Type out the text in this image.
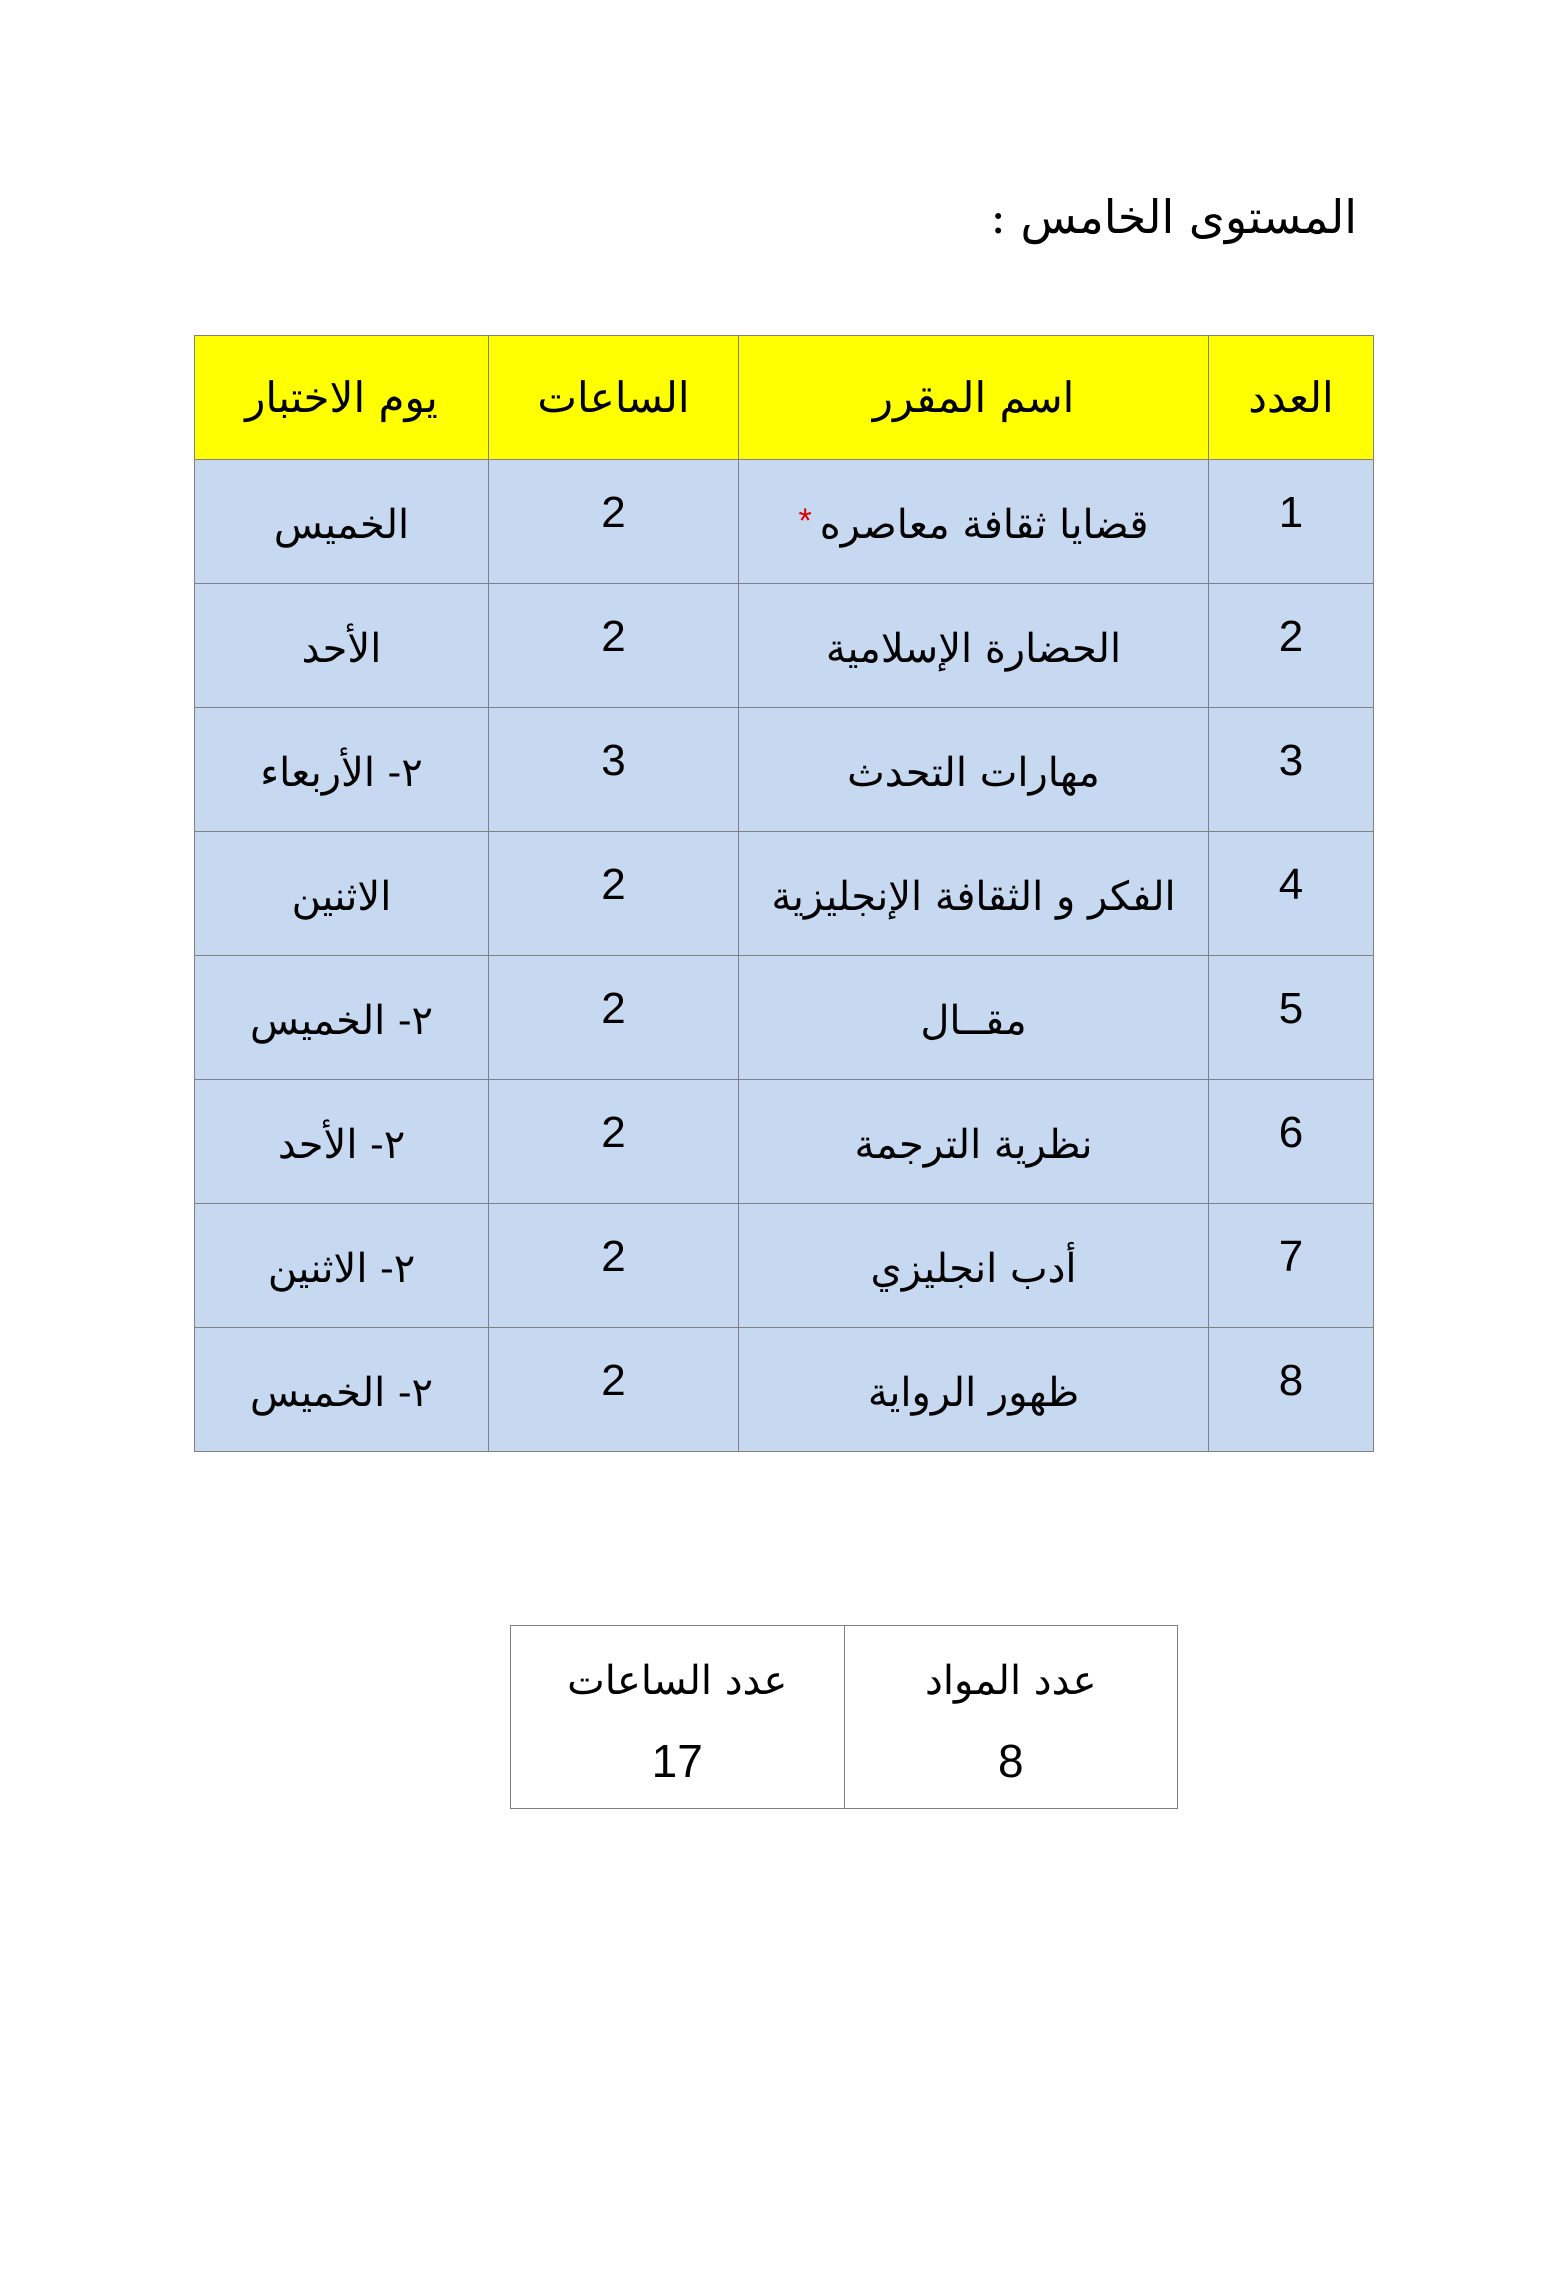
المستوى الخامس :
العدد	اسم المقرر	الساعات	يوم الاختبار

1	قضايا ثقافة معاصره*	2	الخميس

2	الحضارة الإسلامية	2	الأحد

3	مهارات التحدث	3	٢- الأربعاء

4	الفكر و الثقافة الإنجليزية	2	الاثنين

5	مقــال	2	٢- الخميس

6	نظرية الترجمة	2	٢- الأحد

7	أدب انجليزي	2	٢- الاثنين

8	ظهور الرواية	2	٢- الخميس
عدد المواد
8

عدد الساعات
17
